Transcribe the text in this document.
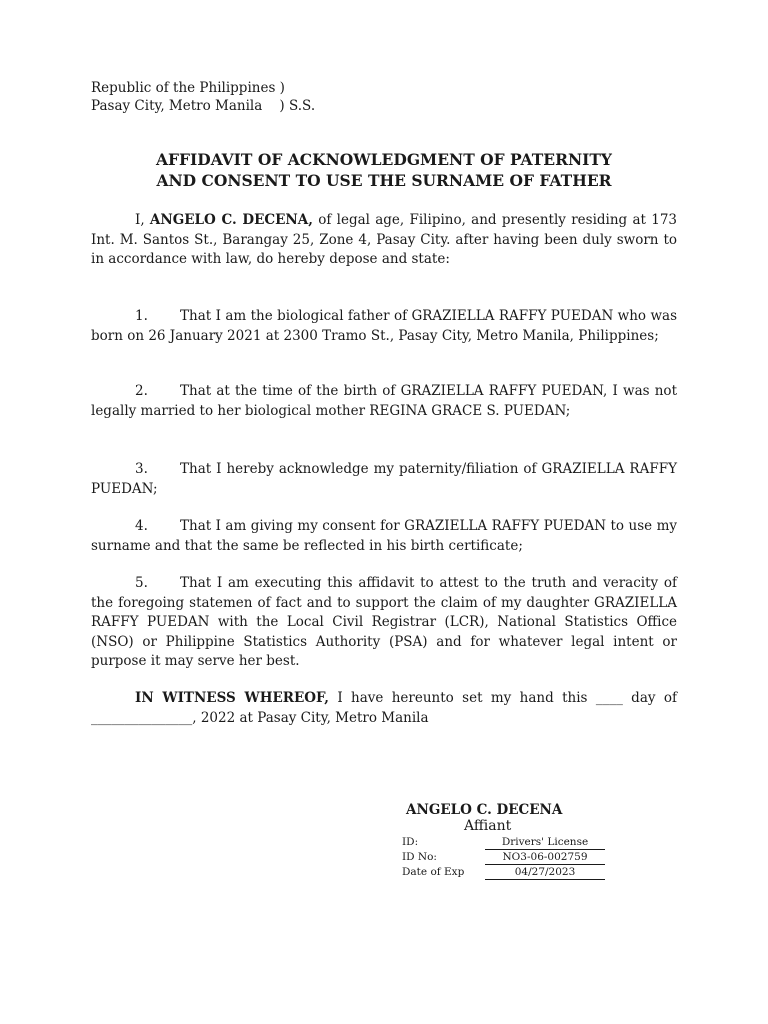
Republic of the Philippines )
Pasay City, Metro Manila    ) S.S.
AFFIDAVIT OF ACKNOWLEDGMENT OF PATERNITY
AND CONSENT TO USE THE SURNAME OF FATHER

I, ANGELO C. DECENA, of legal age, Filipino, and presently residing at 173 Int. M. Santos St., Barangay 25, Zone 4, Pasay City. after having been duly sworn to in accordance with law, do hereby depose and state:

1. That I am the biological father of GRAZIELLA RAFFY PUEDAN who was born on 26 January 2021 at 2300 Tramo St., Pasay City, Metro Manila, Philippines;

2. That at the time of the birth of GRAZIELLA RAFFY PUEDAN, I was not legally married to her biological mother REGINA GRACE S. PUEDAN;

3. That I hereby acknowledge my paternity/filiation of GRAZIELLA RAFFY PUEDAN;

4. That I am giving my consent for GRAZIELLA RAFFY PUEDAN to use my surname and that the same be reflected in his birth certificate;

5. That I am executing this affidavit to attest to the truth and veracity of the foregoing statemen of fact and to support the claim of my daughter GRAZIELLA RAFFY PUEDAN with the Local Civil Registrar (LCR), National Statistics Office (NSO) or Philippine Statistics Authority (PSA) and for whatever legal intent or purpose it may serve her best.

IN WITNESS WHEREOF, I have hereunto set my hand this ____ day of _______________, 2022 at Pasay City, Metro Manila

ANGELO C. DECENA
Affiant
ID:	Drivers' License
ID No:	NO3-06-002759
Date of Exp	04/27/2023
